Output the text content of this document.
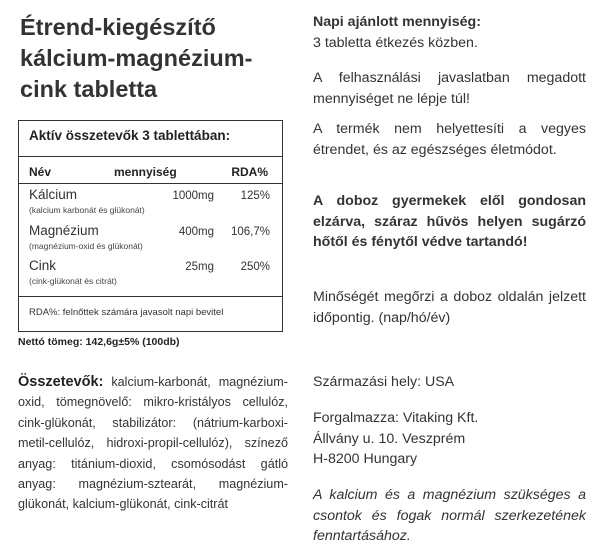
Étrend-kiegészítő
kálcium-magnézium-
cink tabletta
Aktív összetevők 3 tablettában:
Név	mennyiség	RDA%
Kálcium
(kalcium karbonát és glükonát)
1000mg 125%
Magnézium
(magnézium-oxid és glükonát)
400mg 106,7%
Cink
(cink-glükonát és citrát)
25mg 250%
RDA%: felnőttek számára javasolt napi bevitel
Nettó tömeg: 142,6g±5% (100db)
Összetevők: kalcium-karbonát, magnézium-oxid, tömegnövelő: mikro-kristályos cellulóz, cink-glükonát, stabilizátor: (nátrium-karboxi-metil-cellulóz, hidroxi-propil-cellulóz), színező anyag: titánium-dioxid, csomósodást gátló anyag: magnézium-sztearát, magnézium-glükonát, kalcium-glükonát, cink-citrát
Napi ajánlott mennyiség:
3 tabletta étkezés közben.
A felhasználási javaslatban megadott mennyiséget ne lépje túl!
A termék nem helyettesíti a vegyes étrendet, és az egészséges életmódot.
A doboz gyermekek elől gondosan elzárva, száraz hűvös helyen sugárzó hőtől és fénytől védve tartandó!
Minőségét megőrzi a doboz oldalán jelzett időpontig. (nap/hó/év)
Származási hely: USA
Forgalmazza: Vitaking Kft.
Állvány u. 10. Veszprém
H-8200 Hungary
A kalcium és a magnézium szükséges a csontok és fogak normál szerkezetének fenntartásához.
